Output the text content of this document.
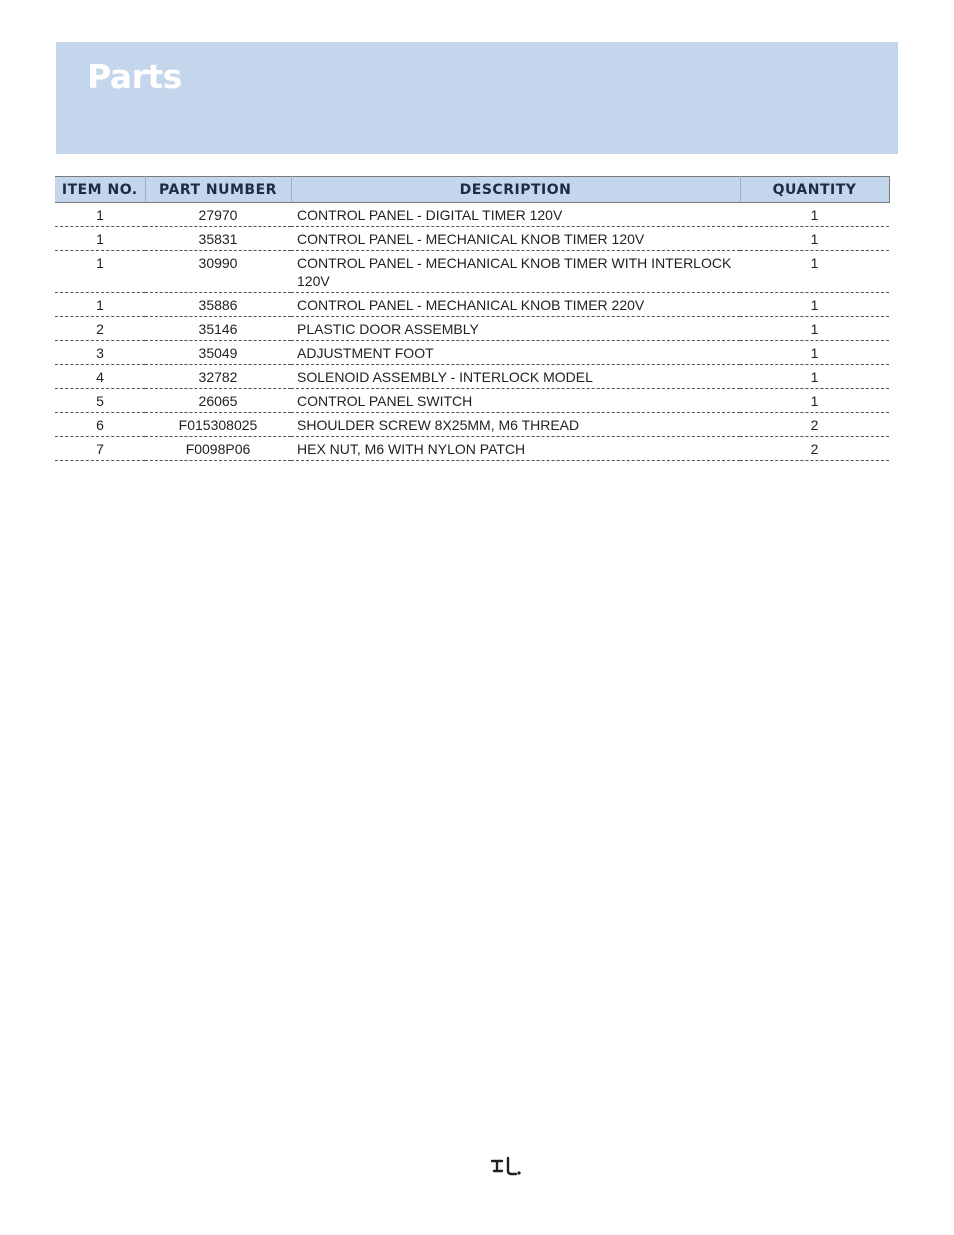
Parts
ITEM NO.	PART NUMBER	DESCRIPTION	QUANTITY
1	27970	CONTROL PANEL - DIGITAL TIMER 120V	1
1	35831	CONTROL PANEL - MECHANICAL KNOB TIMER 120V	1
1	30990	CONTROL PANEL - MECHANICAL KNOB TIMER WITH INTERLOCK 120V	1
1	35886	CONTROL PANEL - MECHANICAL KNOB TIMER 220V	1
2	35146	PLASTIC DOOR ASSEMBLY	1
3	35049	ADJUSTMENT FOOT	1
4	32782	SOLENOID ASSEMBLY - INTERLOCK MODEL	1
5	26065	CONTROL PANEL SWITCH	1
6	F015308025	SHOULDER SCREW 8X25MM, M6 THREAD	2
7	F0098P06	HEX NUT, M6 WITH NYLON PATCH	2
